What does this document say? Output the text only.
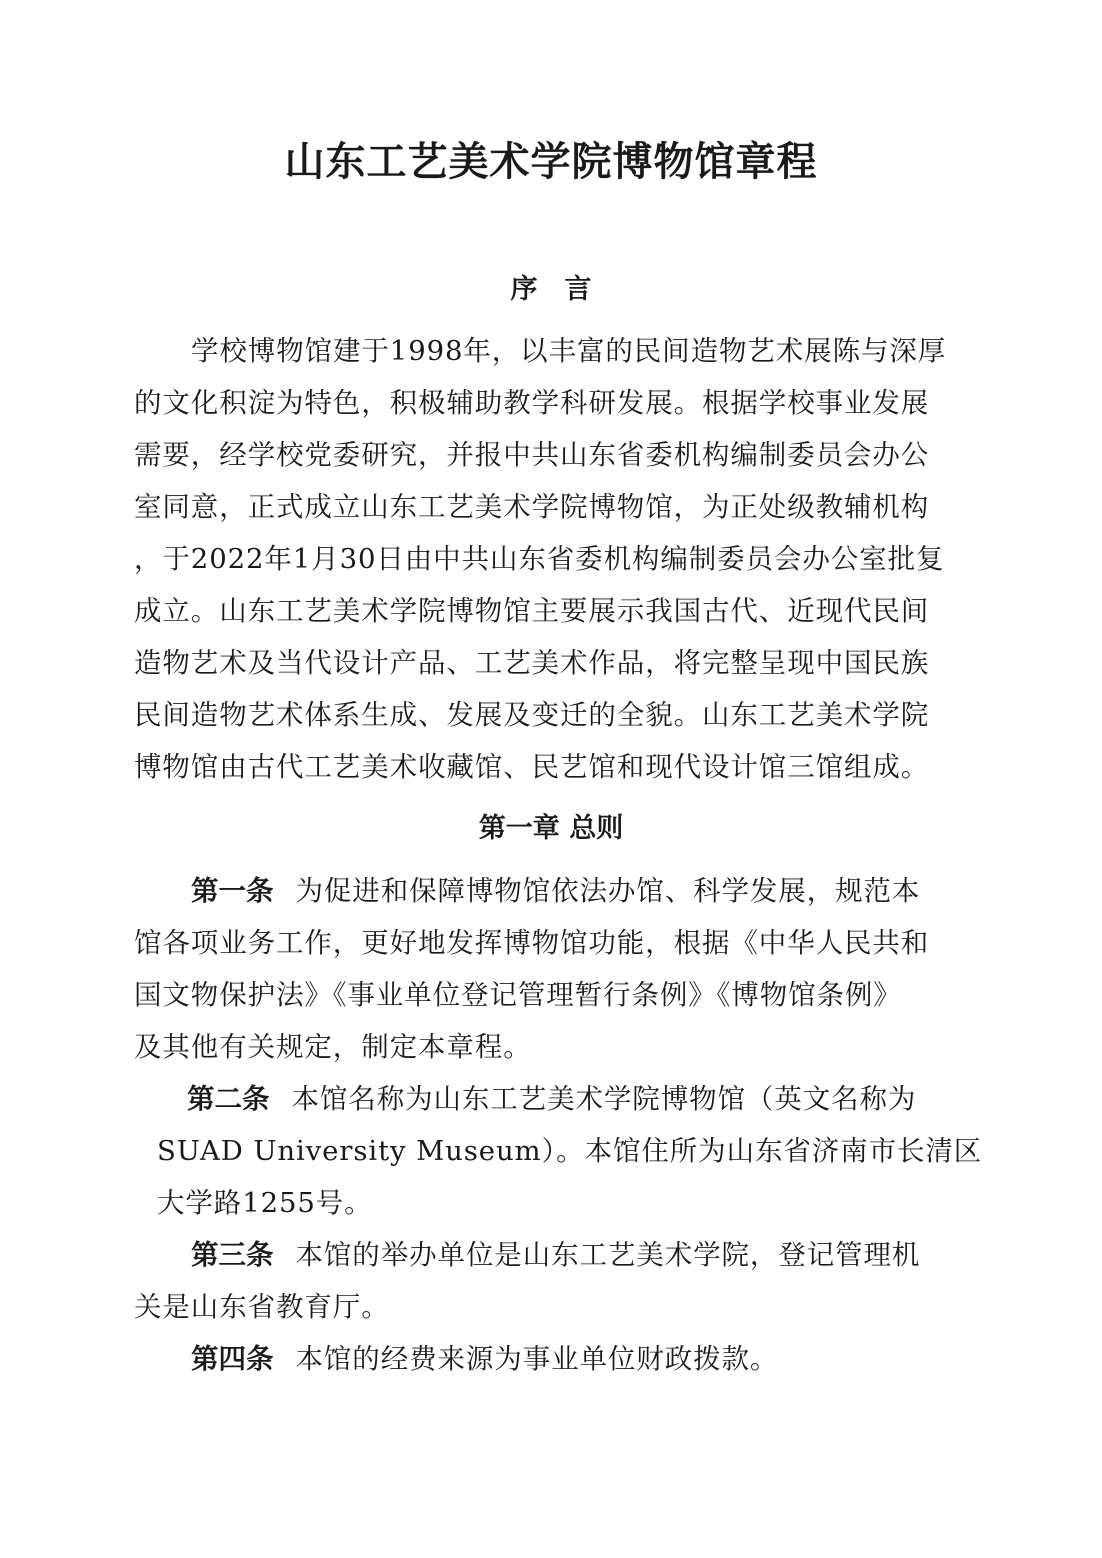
山东工艺美术学院博物馆章程
序　言

学校博物馆建于1998年，以丰富的民间造物艺术展陈与深厚

的文化积淀为特色，积极辅助教学科研发展。根据学校事业发展

需要，经学校党委研究，并报中共山东省委机构编制委员会办公

室同意，正式成立山东工艺美术学院博物馆，为正处级教辅机构

，于2022年1月30日由中共山东省委机构编制委员会办公室批复

成立。山东工艺美术学院博物馆主要展示我国古代、近现代民间

造物艺术及当代设计产品、工艺美术作品，将完整呈现中国民族

民间造物艺术体系生成、发展及变迁的全貌。山东工艺美术学院

博物馆由古代工艺美术收藏馆、民艺馆和现代设计馆三馆组成。

第一章 总则

第一条 为促进和保障博物馆依法办馆、科学发展，规范本

馆各项业务工作，更好地发挥博物馆功能，根据《中华人民共和

国文物保护法》《事业单位登记管理暂行条例》《博物馆条例》

及其他有关规定，制定本章程。

第二条 本馆名称为山东工艺美术学院博物馆（英文名称为

SUAD University Museum）。本馆住所为山东省济南市长清区

大学路1255号。

第三条 本馆的举办单位是山东工艺美术学院，登记管理机

关是山东省教育厅。

第四条 本馆的经费来源为事业单位财政拨款。
